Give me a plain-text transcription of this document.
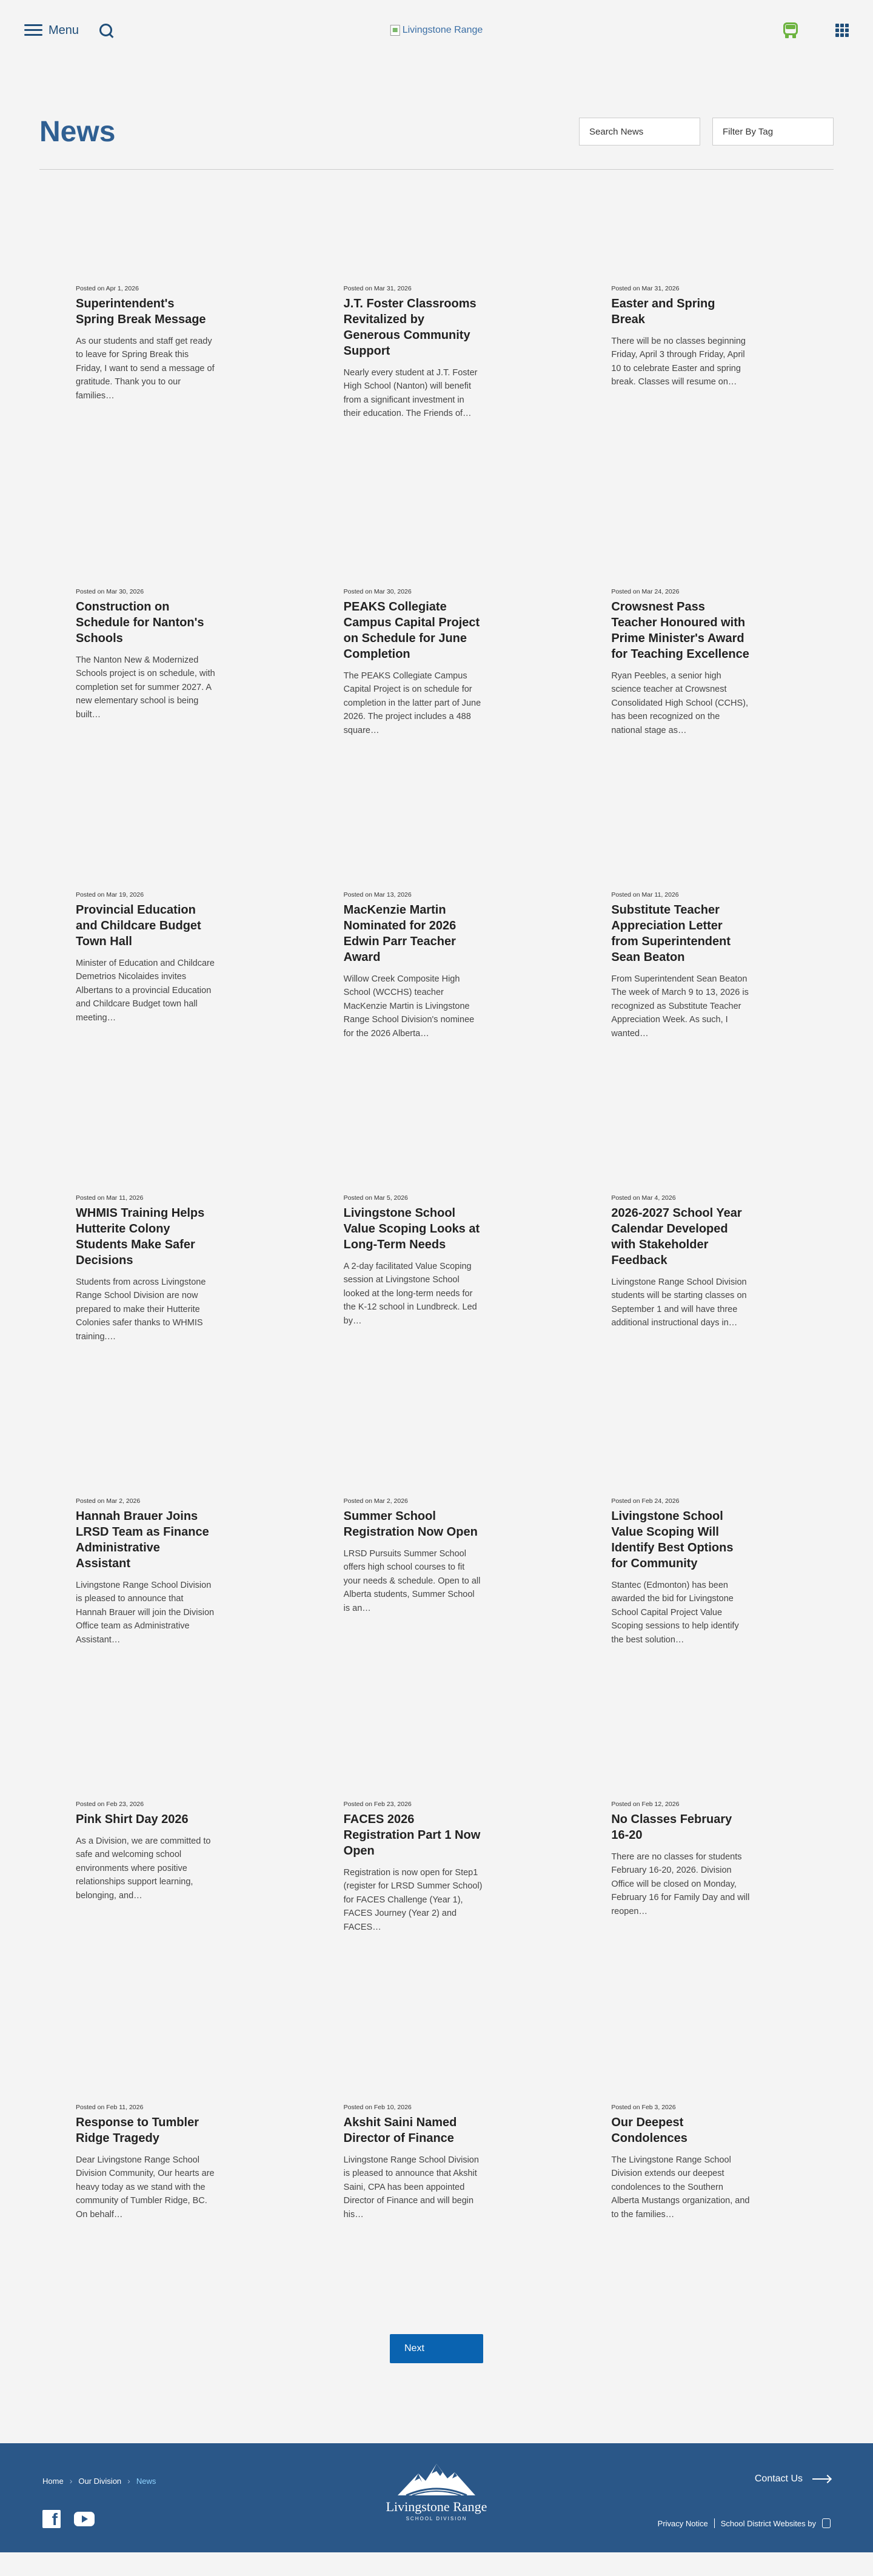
Menu	Livingstone Range
News
Search News	Filter By Tag
Posted on Apr 1, 2026
Superintendent's Spring Break Message

As our students and staff get ready to leave for Spring Break this Friday, I want to send a message of gratitude. Thank you to our families…

Posted on Mar 31, 2026
J.T. Foster Classrooms Revitalized by Generous Community Support

Nearly every student at J.T. Foster High School (Nanton) will benefit from a significant investment in their education. The Friends of…

Posted on Mar 31, 2026
Easter and Spring Break

There will be no classes beginning Friday, April 3 through Friday, April 10 to celebrate Easter and spring break. Classes will resume on…

Posted on Mar 30, 2026
Construction on Schedule for Nanton's Schools

The Nanton New & Modernized Schools project is on schedule, with completion set for summer 2027. A new elementary school is being built…

Posted on Mar 30, 2026
PEAKS Collegiate Campus Capital Project on Schedule for June Completion

The PEAKS Collegiate Campus Capital Project is on schedule for completion in the latter part of June 2026. The project includes a 488 square…

Posted on Mar 24, 2026
Crowsnest Pass Teacher Honoured with Prime Minister's Award for Teaching Excellence

Ryan Peebles, a senior high science teacher at Crowsnest Consolidated High School (CCHS), has been recognized on the national stage as…

Posted on Mar 19, 2026
Provincial Education and Childcare Budget Town Hall

Minister of Education and Childcare Demetrios Nicolaides invites Albertans to a provincial Education and Childcare Budget town hall meeting…

Posted on Mar 13, 2026
MacKenzie Martin Nominated for 2026 Edwin Parr Teacher Award

Willow Creek Composite High School (WCCHS) teacher MacKenzie Martin is Livingstone Range School Division's nominee for the 2026 Alberta…

Posted on Mar 11, 2026
Substitute Teacher Appreciation Letter from Superintendent Sean Beaton

From Superintendent Sean Beaton The week of March 9 to 13, 2026 is recognized as Substitute Teacher Appreciation Week. As such, I wanted…

Posted on Mar 11, 2026
WHMIS Training Helps Hutterite Colony Students Make Safer Decisions

Students from across Livingstone Range School Division are now prepared to make their Hutterite Colonies safer thanks to WHMIS training.…

Posted on Mar 5, 2026
Livingstone School Value Scoping Looks at Long-Term Needs

A 2-day facilitated Value Scoping session at Livingstone School looked at the long-term needs for the K-12 school in Lundbreck. Led by…

Posted on Mar 4, 2026
2026-2027 School Year Calendar Developed with Stakeholder Feedback

Livingstone Range School Division students will be starting classes on September 1 and will have three additional instructional days in…

Posted on Mar 2, 2026
Hannah Brauer Joins LRSD Team as Finance Administrative Assistant

Livingstone Range School Division is pleased to announce that Hannah Brauer will join the Division Office team as Administrative Assistant…

Posted on Mar 2, 2026
Summer School Registration Now Open

LRSD Pursuits Summer School offers high school courses to fit your needs & schedule. Open to all Alberta students, Summer School is an…

Posted on Feb 24, 2026
Livingstone School Value Scoping Will Identify Best Options for Community

Stantec (Edmonton) has been awarded the bid for Livingstone School Capital Project Value Scoping sessions to help identify the best solution…

Posted on Feb 23, 2026
Pink Shirt Day 2026

As a Division, we are committed to safe and welcoming school environments where positive relationships support learning, belonging, and…

Posted on Feb 23, 2026
FACES 2026 Registration Part 1 Now Open

Registration is now open for Step1 (register for LRSD Summer School) for FACES Challenge (Year 1), FACES Journey (Year 2) and FACES…

Posted on Feb 12, 2026
No Classes February 16-20

There are no classes for students February 16-20, 2026. Division Office will be closed on Monday, February 16 for Family Day and will reopen…

Posted on Feb 11, 2026
Response to Tumbler Ridge Tragedy

Dear Livingstone Range School Division Community, Our hearts are heavy today as we stand with the community of Tumbler Ridge, BC. On behalf…

Posted on Feb 10, 2026
Akshit Saini Named Director of Finance

Livingstone Range School Division is pleased to announce that Akshit Saini, CPA has been appointed Director of Finance and will begin his…

Posted on Feb 3, 2026
Our Deepest Condolences

The Livingstone Range School Division extends our deepest condolences to the Southern Alberta Mustangs organization, and to the families…

Next
Home › Our Division › News
f
Livingstone Range
SCHOOL DIVISION
Contact Us
Privacy Notice School District Websites by
